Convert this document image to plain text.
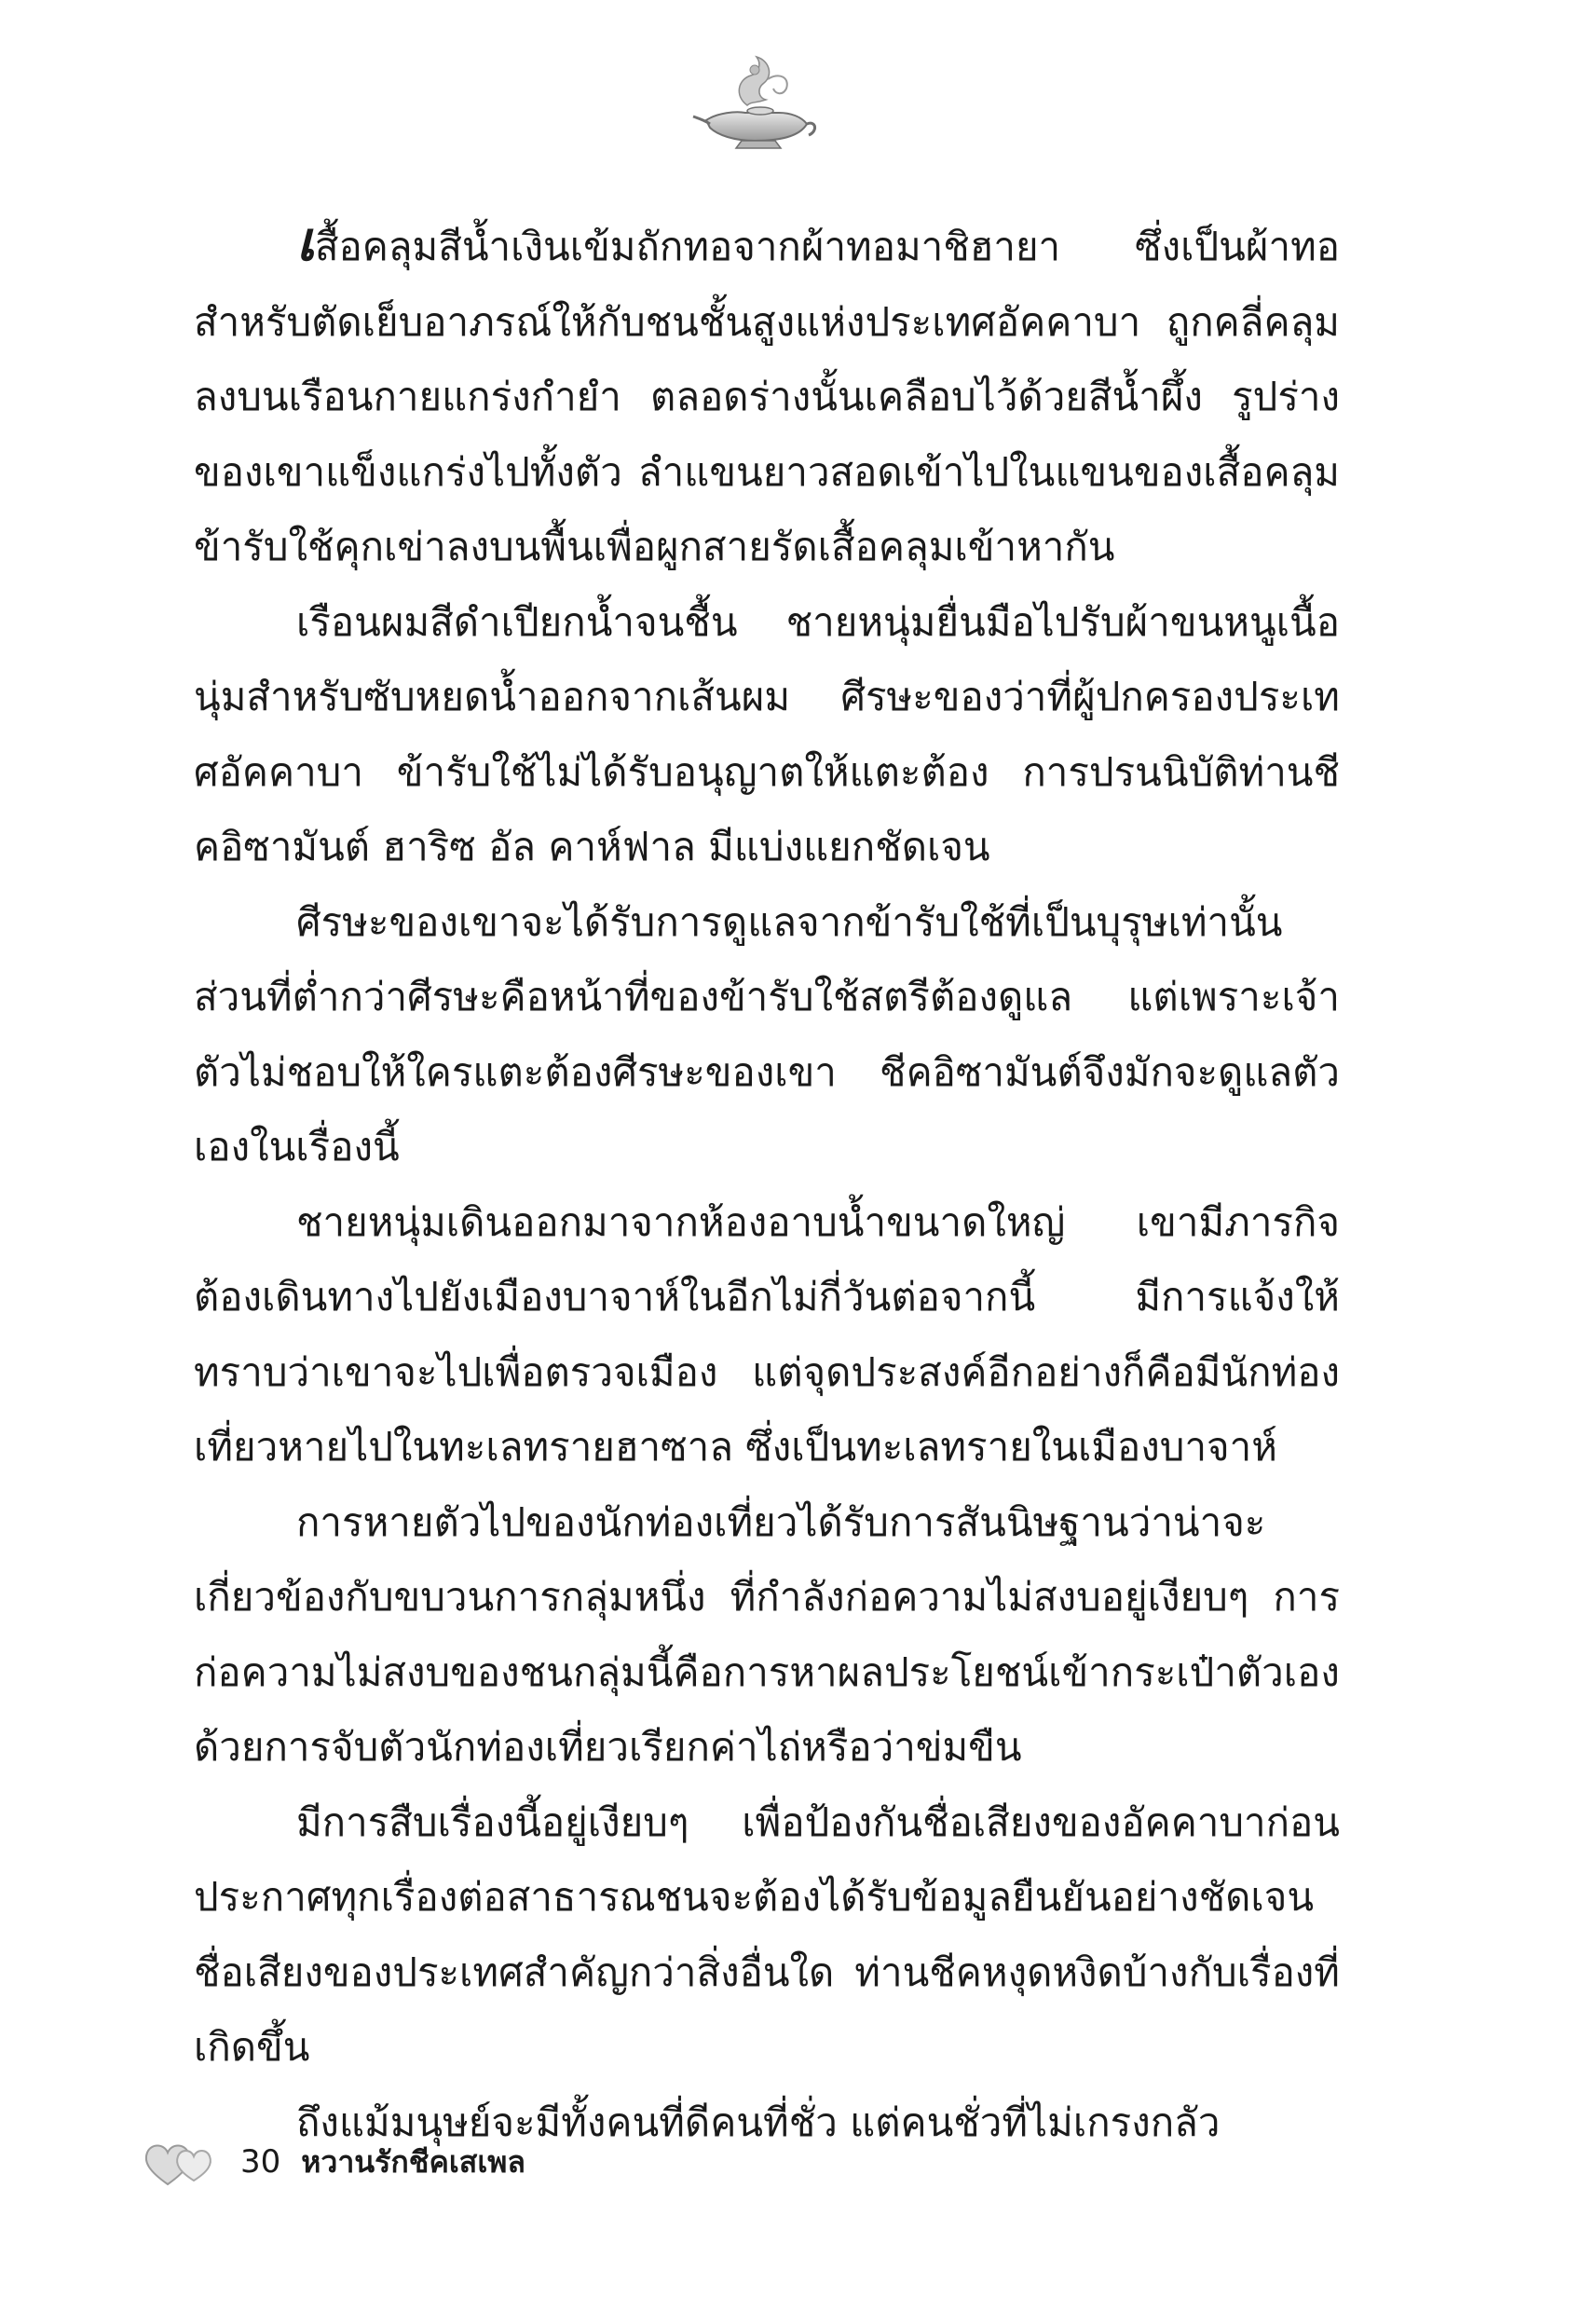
เสื้อคลุมสีน้ำเงินเข้มถักทอจากผ้าทอมาชิฮายา ซึ่งเป็นผ้าทอสำหรับตัดเย็บอาภรณ์ให้กับชนชั้นสูงแห่งประเทศอัคคาบา ถูกคลี่คลุมลงบนเรือนกายแกร่งกำยำ ตลอดร่างนั้นเคลือบไว้ด้วยสีน้ำผึ้ง รูปร่างของเขาแข็งแกร่งไปทั้งตัว ลำแขนยาวสอดเข้าไปในแขนของเสื้อคลุม ข้ารับใช้คุกเข่าลงบนพื้นเพื่อผูกสายรัดเสื้อคลุมเข้าหากัน

เรือนผมสีดำเปียกน้ำจนชื้น ชายหนุ่มยื่นมือไปรับผ้าขนหนูเนื้อนุ่มสำหรับซับหยดน้ำออกจากเส้นผม ศีรษะของว่าที่ผู้ปกครองประเทศอัคคาบา ข้ารับใช้ไม่ได้รับอนุญาตให้แตะต้อง การปรนนิบัติท่านชีคอิซามันต์ ฮาริซ อัล คาห์ฟาล มีแบ่งแยกชัดเจน

ศีรษะของเขาจะได้รับการดูแลจากข้ารับใช้ที่เป็นบุรุษเท่านั้น ส่วนที่ต่ำกว่าศีรษะคือหน้าที่ของข้ารับใช้สตรีต้องดูแล แต่เพราะเจ้าตัวไม่ชอบให้ใครแตะต้องศีรษะของเขา ชีคอิซามันต์จึงมักจะดูแลตัวเองในเรื่องนี้

ชายหนุ่มเดินออกมาจากห้องอาบน้ำขนาดใหญ่ เขามีภารกิจต้องเดินทางไปยังเมืองบาจาห์ในอีกไม่กี่วันต่อจากนี้ มีการแจ้งให้ทราบว่าเขาจะไปเพื่อตรวจเมือง แต่จุดประสงค์อีกอย่างก็คือมีนักท่องเที่ยวหายไปในทะเลทรายฮาซาล ซึ่งเป็นทะเลทรายในเมืองบาจาห์

การหายตัวไปของนักท่องเที่ยวได้รับการสันนิษฐานว่าน่าจะเกี่ยวข้องกับขบวนการกลุ่มหนึ่ง ที่กำลังก่อความไม่สงบอยู่เงียบๆ การก่อความไม่สงบของชนกลุ่มนี้คือการหาผลประโยชน์เข้ากระเป๋าตัวเองด้วยการจับตัวนักท่องเที่ยวเรียกค่าไถ่หรือว่าข่มขืน

มีการสืบเรื่องนี้อยู่เงียบๆ เพื่อป้องกันชื่อเสียงของอัคคาบาก่อนประกาศทุกเรื่องต่อสาธารณชนจะต้องได้รับข้อมูลยืนยันอย่างชัดเจน ชื่อเสียงของประเทศสำคัญกว่าสิ่งอื่นใด ท่านชีคหงุดหงิดบ้างกับเรื่องที่เกิดขึ้น

ถึงแม้มนุษย์จะมีทั้งคนที่ดีคนที่ชั่ว แต่คนชั่วที่ไม่เกรงกลัว

30 หวานรักชีคเสเพล
